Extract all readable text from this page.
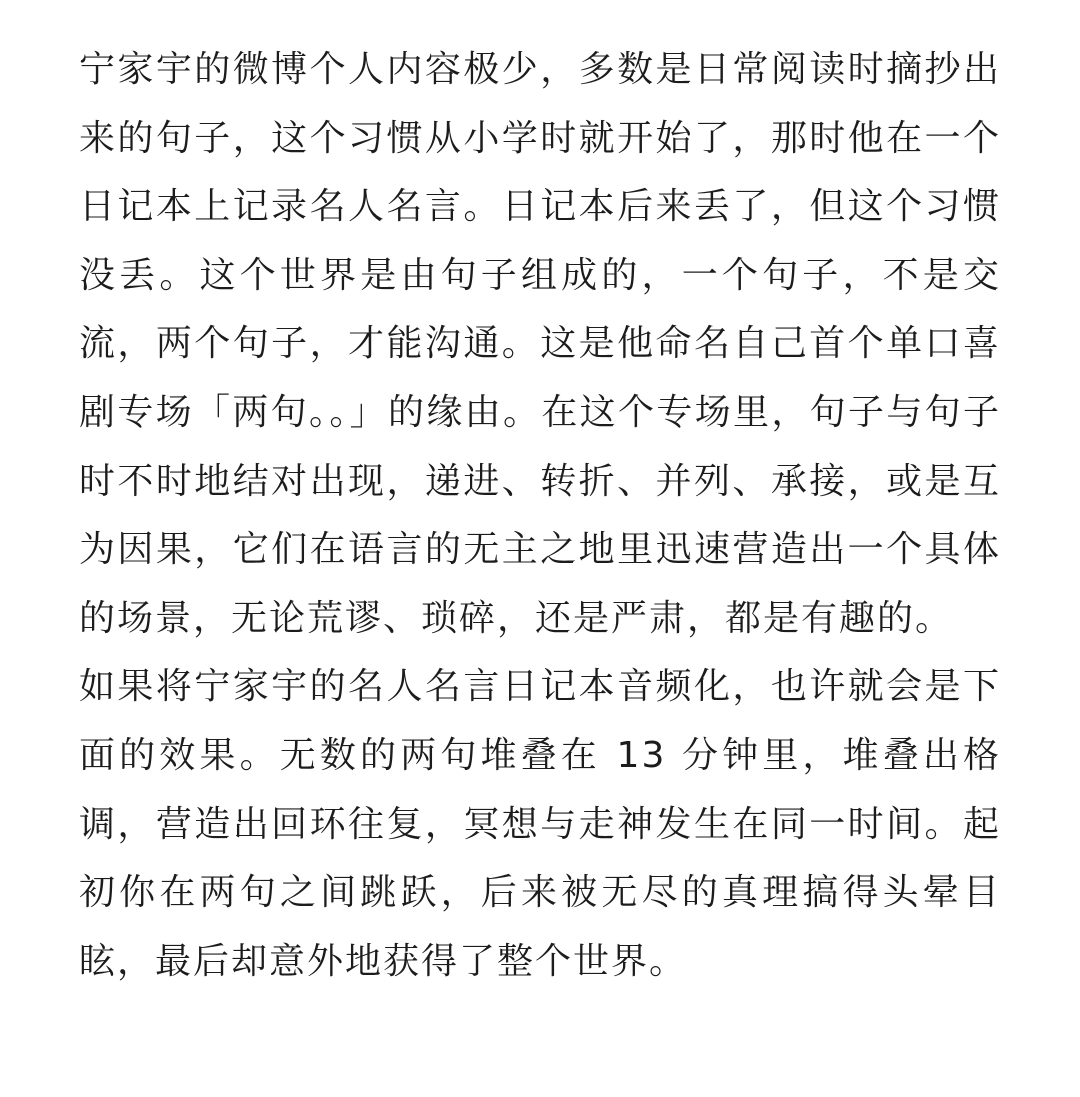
宁家宇的微博个人内容极少，多数是日常阅读时摘抄出来的句子，这个习惯从小学时就开始了，那时他在一个日记本上记录名人名言。日记本后来丢了，但这个习惯没丢。这个世界是由句子组成的，一个句子，不是交流，两个句子，才能沟通。这是他命名自己首个单口喜剧专场「两句。。」的缘由。在这个专场里，句子与句子时不时地结对出现，递进、转折、并列、承接，或是互为因果，它们在语言的无主之地里迅速营造出一个具体的场景，无论荒谬、琐碎，还是严肃，都是有趣的。

如果将宁家宇的名人名言日记本音频化，也许就会是下面的效果。无数的两句堆叠在 13 分钟里，堆叠出格调，营造出回环往复，冥想与走神发生在同一时间。起初你在两句之间跳跃，后来被无尽的真理搞得头晕目眩，最后却意外地获得了整个世界。
